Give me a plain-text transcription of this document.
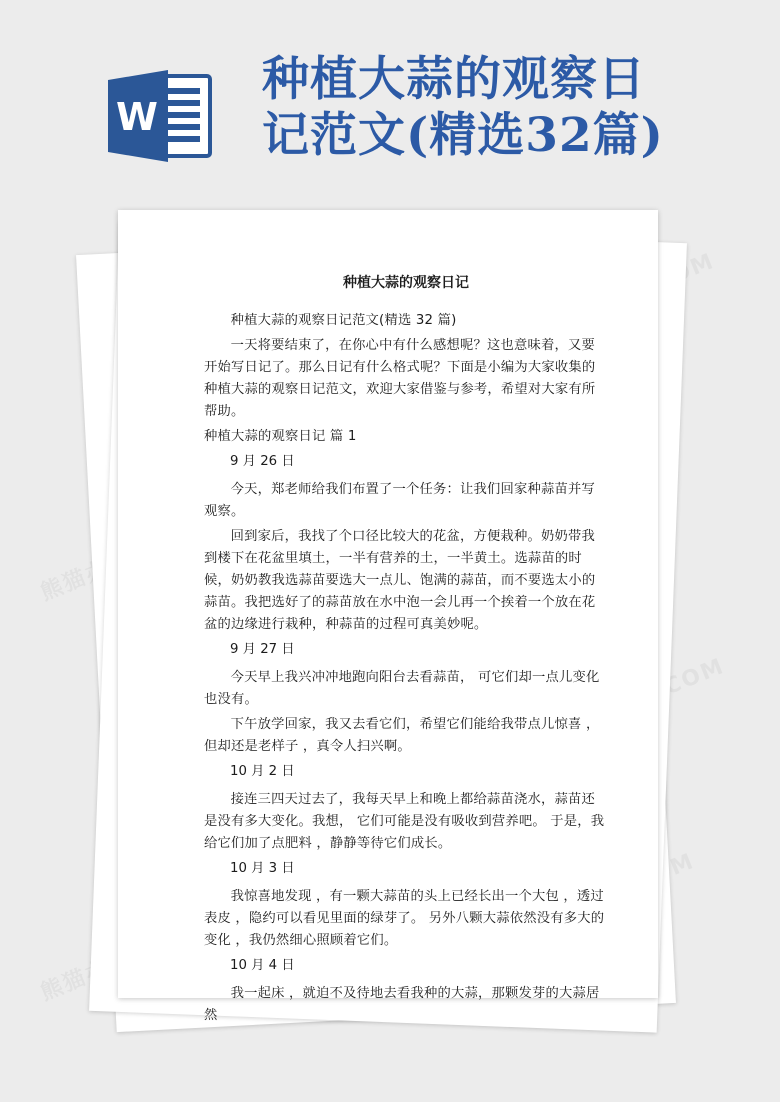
W
种植大蒜的观察日
记范文(精选32篇)

种植大蒜的观察日记

种植大蒜的观察日记范文(精选 32 篇)

一天将要结束了，在你心中有什么感想呢？这也意味着，又要开始写日记了。那么日记有什么格式呢？下面是小编为大家收集的种植大蒜的观察日记范文，欢迎大家借鉴与参考，希望对大家有所帮助。

种植大蒜的观察日记 篇 1

9 月 26 日

今天，郑老师给我们布置了一个任务：让我们回家种蒜苗并写观察。

回到家后，我找了个口径比较大的花盆，方便栽种。奶奶带我到楼下在花盆里填土，一半有营养的土，一半黄土。选蒜苗的时候，奶奶教我选蒜苗要选大一点儿、饱满的蒜苗，而不要选太小的蒜苗。我把选好了的蒜苗放在水中泡一会儿再一个挨着一个放在花盆的边缘进行栽种，种蒜苗的过程可真美妙呢。

9 月 27 日

今天早上我兴冲冲地跑向阳台去看蒜苗， 可它们却一点儿变化也没有。

下午放学回家，我又去看它们，希望它们能给我带点儿惊喜 ，但却还是老样子 ，真令人扫兴啊。

10 月 2 日

接连三四天过去了，我每天早上和晚上都给蒜苗浇水，蒜苗还是没有多大变化。我想， 它们可能是没有吸收到营养吧。 于是，我给它们加了点肥料 ，静静等待它们成长。

10 月 3 日

我惊喜地发现 ，有一颗大蒜苗的头上已经长出一个大包 ，透过表皮 ，隐约可以看见里面的绿芽了。 另外八颗大蒜依然没有多大的变化 ，我仍然细心照顾着它们。

10 月 4 日

我一起床 ，就迫不及待地去看我种的大蒜，那颗发芽的大蒜居然
